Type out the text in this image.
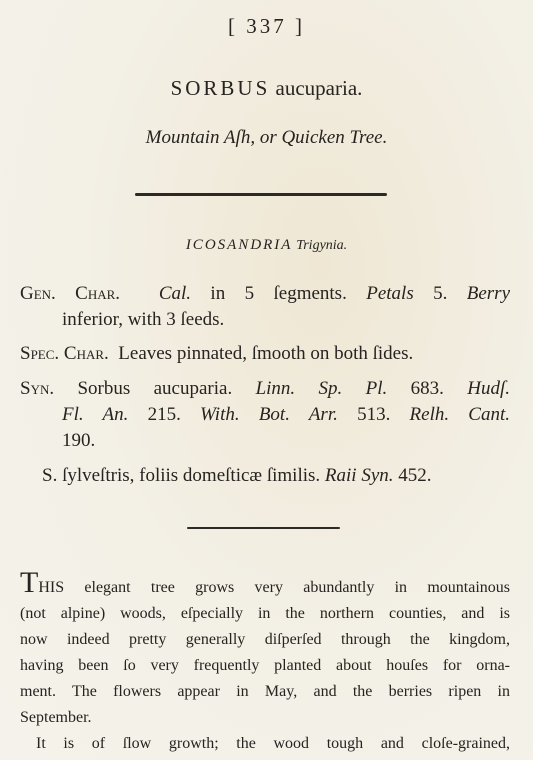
[ 337 ]
SORBUS aucuparia.
Mountain Aſh, or Quicken Tree.
ICOSANDRIA Trigynia.
Gen. Char. Cal. in 5 ſegments. Petals 5. Berry
inferior, with 3 ſeeds.
Spec. Char. Leaves pinnated, ſmooth on both ſides.
Syn. Sorbus aucuparia. Linn. Sp. Pl. 683. Hudſ.
Fl. An. 215. With. Bot. Arr. 513. Relh. Cant.
190.
S. ſylveſtris, foliis domeſticæ ſimilis. Raii Syn. 452.
THIS elegant tree grows very abundantly in mountainous
(not alpine) woods, eſpecially in the northern counties, and is
now indeed pretty generally diſperſed through the kingdom,
having been ſo very frequently planted about houſes for orna-
ment. The flowers appear in May, and the berries ripen in
September.
It is of ſlow growth; the wood tough and cloſe-grained,
